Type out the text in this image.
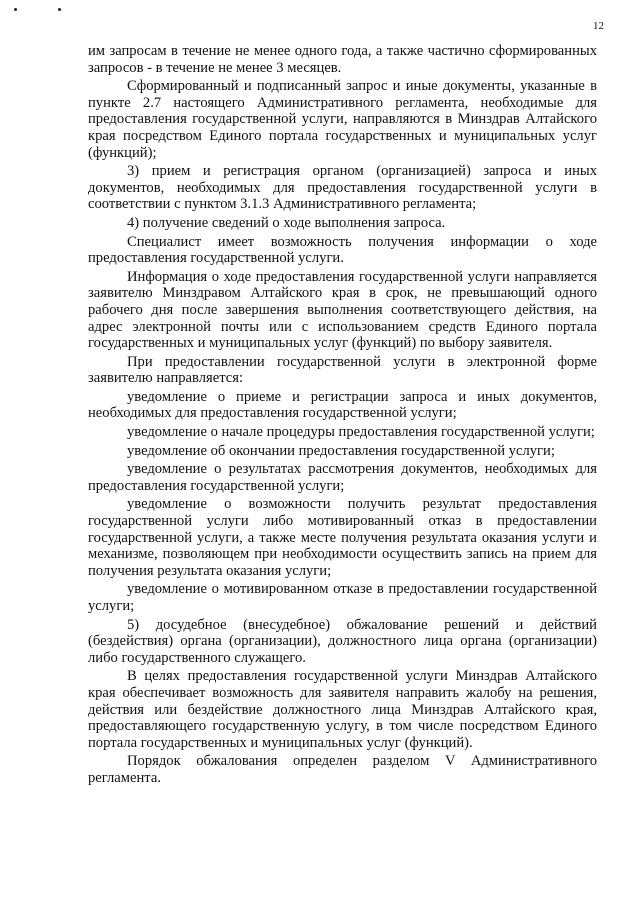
12

им запросам в течение не менее одного года, а также частично сформированных запросов - в течение не менее 3 месяцев.

Сформированный и подписанный запрос и иные документы, указанные в пункте 2.7 настоящего Административного регламента, необходимые для предоставления государственной услуги, направляются в Минздрав Алтайского края посредством Единого портала государственных и муниципальных услуг (функций);

3) прием и регистрация органом (организацией) запроса и иных документов, необходимых для предоставления государственной услуги в соответствии с пунктом 3.1.3 Административного регламента;

4) получение сведений о ходе выполнения запроса.

Специалист имеет возможность получения информации о ходе предоставления государственной услуги.

Информация о ходе предоставления государственной услуги направляется заявителю Минздравом Алтайского края в срок, не превышающий одного рабочего дня после завершения выполнения соответствующего действия, на адрес электронной почты или с использованием средств Единого портала государственных и муниципальных услуг (функций) по выбору заявителя.

При предоставлении государственной услуги в электронной форме заявителю направляется:

уведомление о приеме и регистрации запроса и иных документов, необходимых для предоставления государственной услуги;

уведомление о начале процедуры предоставления государственной услуги;

уведомление об окончании предоставления государственной услуги;

уведомление о результатах рассмотрения документов, необходимых для предоставления государственной услуги;

уведомление о возможности получить результат предоставления государственной услуги либо мотивированный отказ в предоставлении государственной услуги, а также месте получения результата оказания услуги и механизме, позволяющем при необходимости осуществить запись на прием для получения результата оказания услуги;

уведомление о мотивированном отказе в предоставлении государственной услуги;

5) досудебное (внесудебное) обжалование решений и действий (бездействия) органа (организации), должностного лица органа (организации) либо государственного служащего.

В целях предоставления государственной услуги Минздрав Алтайского края обеспечивает возможность для заявителя направить жалобу на решения, действия или бездействие должностного лица Минздрав Алтайского края, предоставляющего государственную услугу, в том числе посредством Единого портала государственных и муниципальных услуг (функций).

Порядок обжалования определен разделом V Административного регламента.
